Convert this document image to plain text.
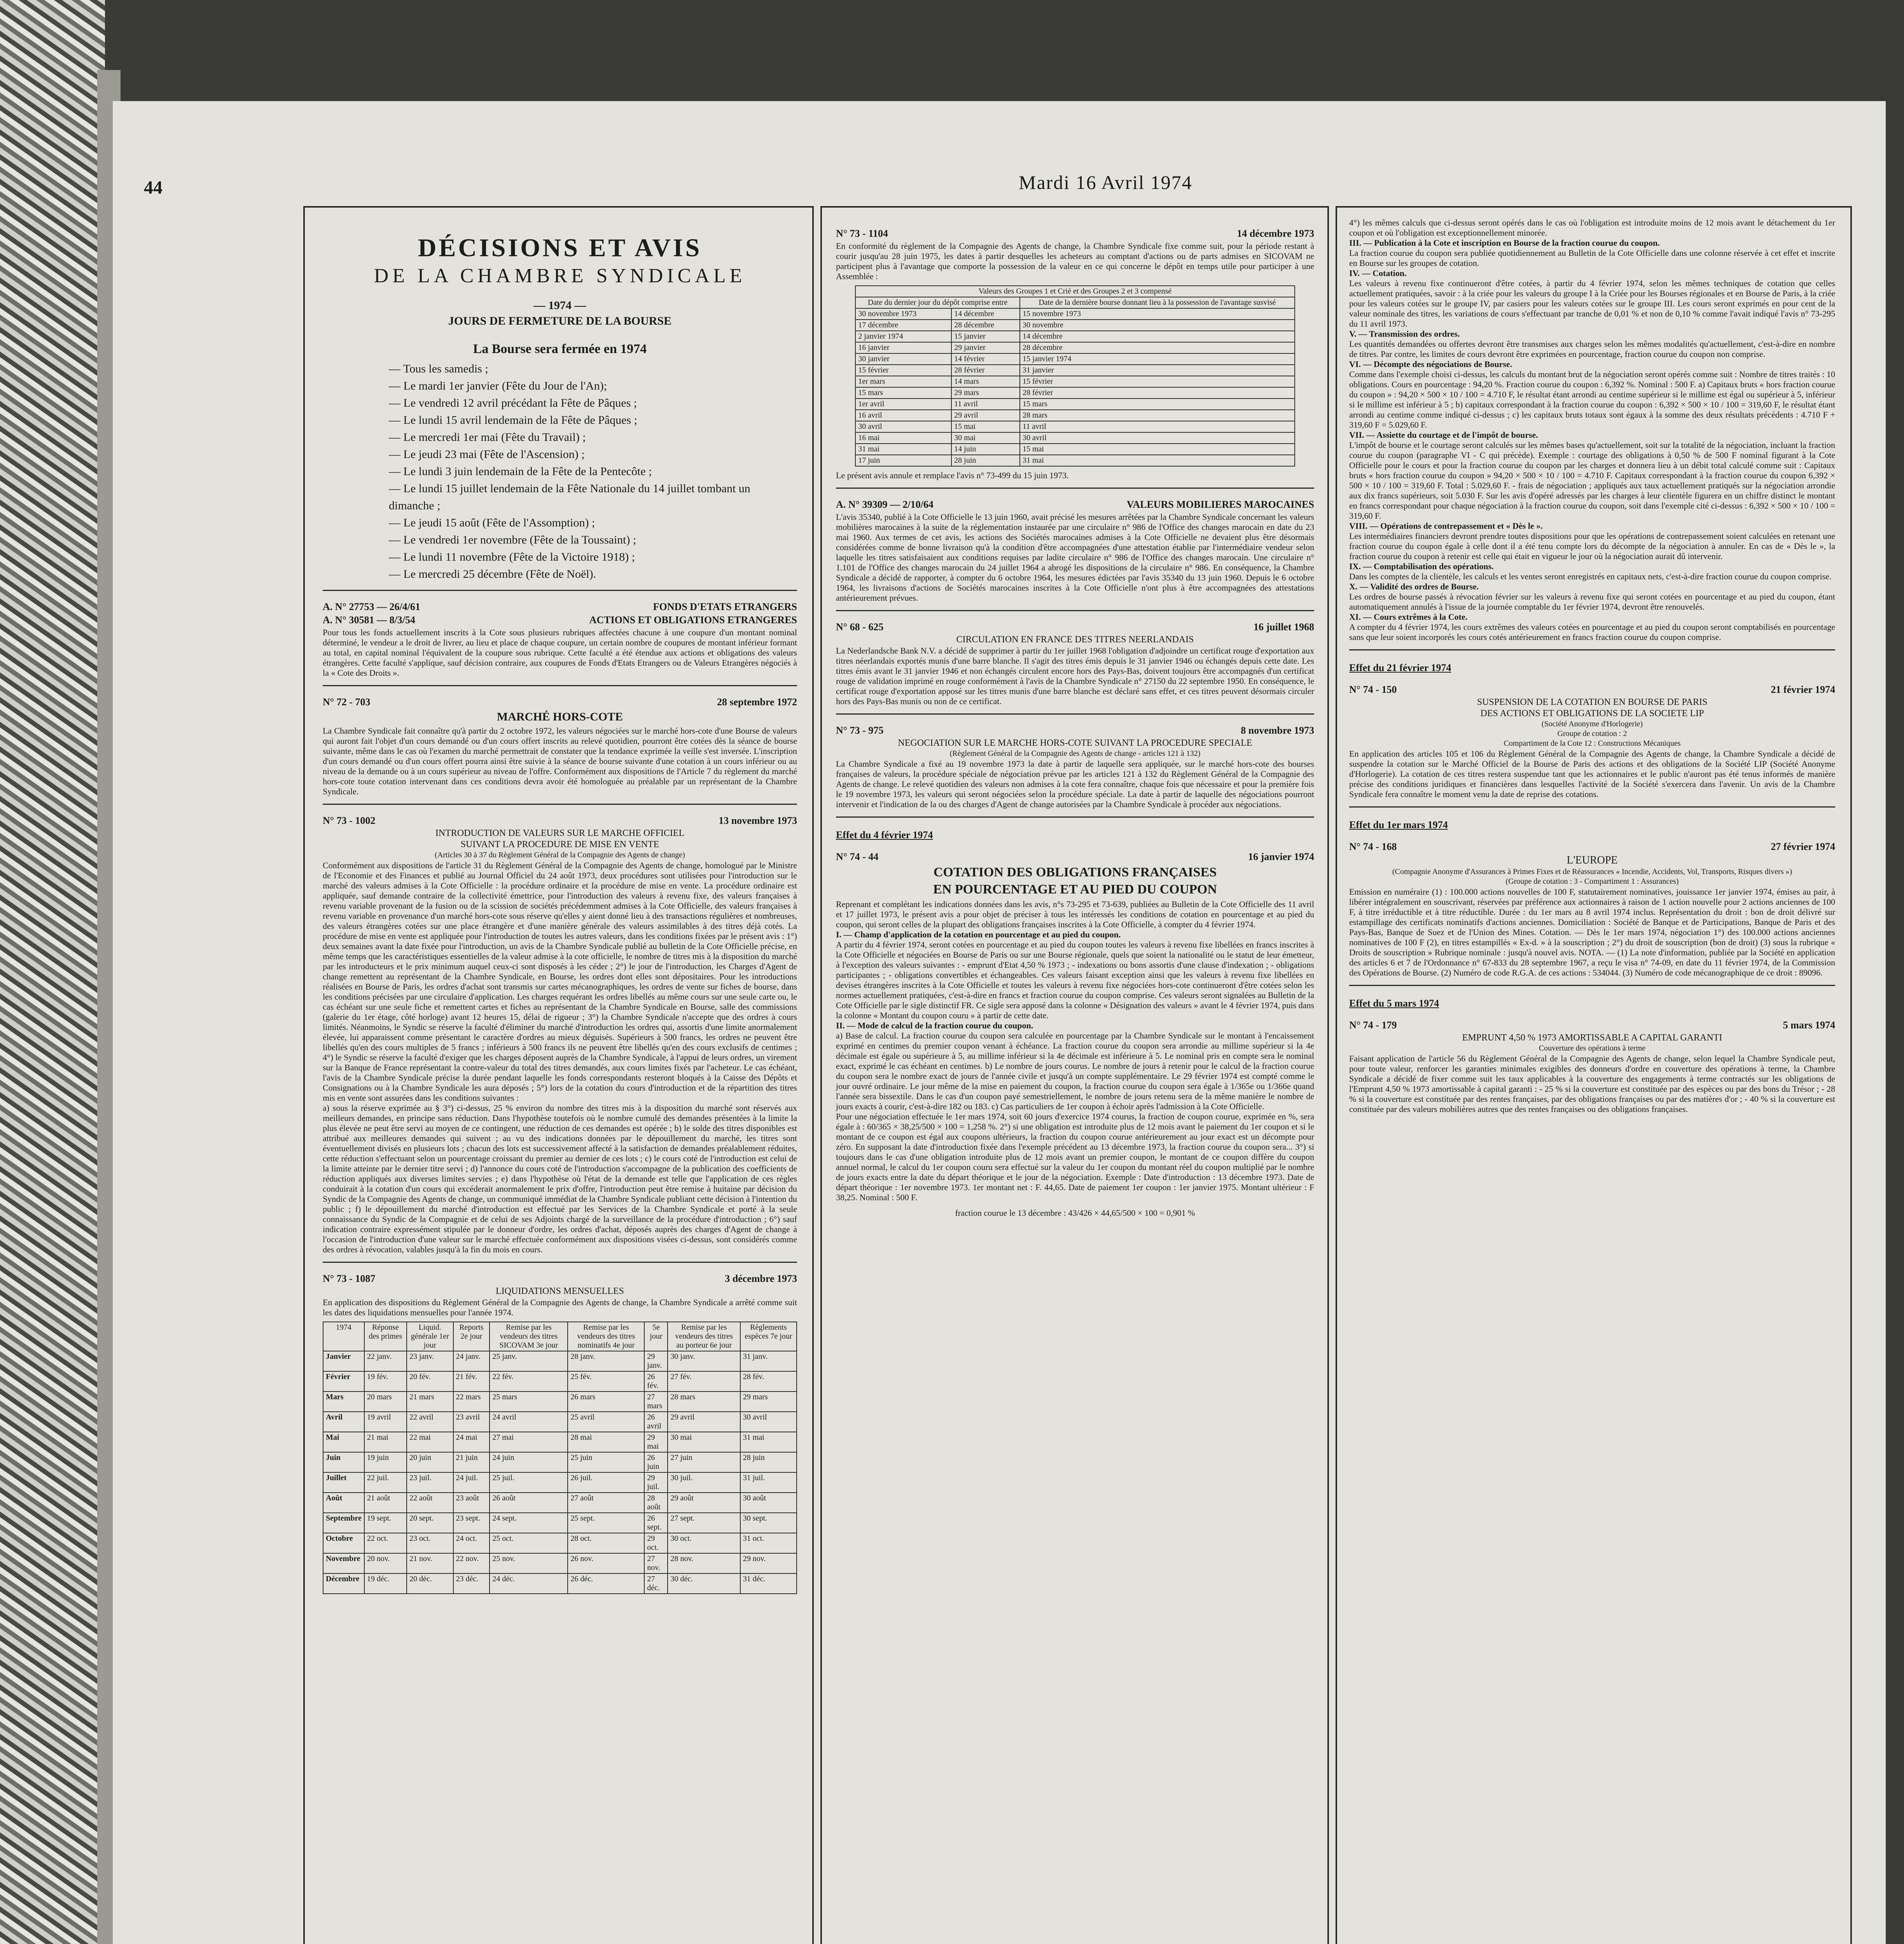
44	Mardi 16 Avril 1974

DÉCISIONS ET AVIS

DE LA CHAMBRE SYNDICALE

— 1974 —

JOURS DE FERMETURE DE LA BOURSE

La Bourse sera fermée en 1974

— Tous les samedis ;
— Le mardi 1er janvier (Fête du Jour de l'An);
— Le vendredi 12 avril précédant la Fête de Pâques ;
— Le lundi 15 avril lendemain de la Fête de Pâques ;
— Le mercredi 1er mai (Fête du Travail) ;
— Le jeudi 23 mai (Fête de l'Ascension) ;
— Le lundi 3 juin lendemain de la Fête de la Pentecôte ;
— Le lundi 15 juillet lendemain de la Fête Nationale du 14 juillet tombant un dimanche ;
— Le jeudi 15 août (Fête de l'Assomption) ;
— Le vendredi 1er novembre (Fête de la Toussaint) ;
— Le lundi 11 novembre (Fête de la Victoire 1918) ;
— Le mercredi 25 décembre (Fête de Noël).
A. N° 27753 — 26/4/61	FONDS D'ETATS ETRANGERS
A. N° 30581 — 8/3/54	ACTIONS ET OBLIGATIONS ETRANGERES

Pour tous les fonds actuellement inscrits à la Cote sous plusieurs rubriques affectées chacune à une coupure d'un montant nominal déterminé, le vendeur a le droit de livrer, au lieu et place de chaque coupure, un certain nombre de coupures de montant inférieur formant au total, en capital nominal l'équivalent de la coupure sous rubrique. Cette faculté a été étendue aux actions et obligations des valeurs étrangères. Cette faculté s'applique, sauf décision contraire, aux coupures de Fonds d'Etats Etrangers ou de Valeurs Etrangères négociés à la « Cote des Droits ».

N° 72 - 703	28 septembre 1972

MARCHÉ HORS-COTE

La Chambre Syndicale fait connaître qu'à partir du 2 octobre 1972, les valeurs négociées sur le marché hors-cote d'une Bourse de valeurs qui auront fait l'objet d'un cours demandé ou d'un cours offert inscrits au relevé quotidien, pourront être cotées dès la séance de bourse suivante, même dans le cas où l'examen du marché permettrait de constater que la tendance exprimée la veille s'est inversée. L'inscription d'un cours demandé ou d'un cours offert pourra ainsi être suivie à la séance de bourse suivante d'une cotation à un cours inférieur ou au niveau de la demande ou à un cours supérieur au niveau de l'offre. Conformément aux dispositions de l'Article 7 du règlement du marché hors-cote toute cotation intervenant dans ces conditions devra avoir été homologuée au préalable par un représentant de la Chambre Syndicale.

N° 73 - 1002	13 novembre 1973

INTRODUCTION DE VALEURS SUR LE MARCHE OFFICIEL

SUIVANT LA PROCEDURE DE MISE EN VENTE

(Articles 30 à 37 du Règlement Général de la Compagnie des Agents de change)

Conformément aux dispositions de l'article 31 du Règlement Général de la Compagnie des Agents de change, homologué par le Ministre de l'Economie et des Finances et publié au Journal Officiel du 24 août 1973, deux procédures sont utilisées pour l'introduction sur le marché des valeurs admises à la Cote Officielle : la procédure ordinaire et la procédure de mise en vente. La procédure ordinaire est appliquée, sauf demande contraire de la collectivité émettrice, pour l'introduction des valeurs à revenu fixe, des valeurs françaises à revenu variable provenant de la fusion ou de la scission de sociétés précédemment admises à la Cote Officielle, des valeurs françaises à revenu variable en provenance d'un marché hors-cote sous réserve qu'elles y aient donné lieu à des transactions régulières et nombreuses, des valeurs étrangères cotées sur une place étrangère et d'une manière générale des valeurs assimilables à des titres déjà cotés. La procédure de mise en vente est appliquée pour l'introduction de toutes les autres valeurs, dans les conditions fixées par le présent avis : 1°) deux semaines avant la date fixée pour l'introduction, un avis de la Chambre Syndicale publié au bulletin de la Cote Officielle précise, en même temps que les caractéristiques essentielles de la valeur admise à la cote officielle, le nombre de titres mis à la disposition du marché par les introducteurs et le prix minimum auquel ceux-ci sont disposés à les céder ; 2°) le jour de l'introduction, les Charges d'Agent de change remettent au représentant de la Chambre Syndicale, en Bourse, les ordres dont elles sont dépositaires. Pour les introductions réalisées en Bourse de Paris, les ordres d'achat sont transmis sur cartes mécanographiques, les ordres de vente sur fiches de bourse, dans les conditions précisées par une circulaire d'application. Les charges requérant les ordres libellés au même cours sur une seule carte ou, le cas échéant sur une seule fiche et remettent cartes et fiches au représentant de la Chambre Syndicale en Bourse, salle des commissions (galerie du 1er étage, côté horloge) avant 12 heures 15, délai de rigueur ; 3°) la Chambre Syndicale n'accepte que des ordres à cours limités. Néanmoins, le Syndic se réserve la faculté d'éliminer du marché d'introduction les ordres qui, assortis d'une limite anormalement élevée, lui apparaissent comme présentant le caractère d'ordres au mieux déguisés. Supérieurs à 500 francs, les ordres ne peuvent être libellés qu'en des cours multiples de 5 francs ; inférieurs à 500 francs ils ne peuvent être libellés qu'en des cours exclusifs de centimes ; 4°) le Syndic se réserve la faculté d'exiger que les charges déposent auprès de la Chambre Syndicale, à l'appui de leurs ordres, un virement sur la Banque de France représentant la contre-valeur du total des titres demandés, aux cours limites fixés par l'acheteur. Le cas échéant, l'avis de la Chambre Syndicale précise la durée pendant laquelle les fonds correspondants resteront bloqués à la Caisse des Dépôts et Consignations ou à la Chambre Syndicale les aura déposés ; 5°) lors de la cotation du cours d'introduction et de la répartition des titres mis en vente sont assurées dans les conditions suivantes :

a) sous la réserve exprimée au § 3°) ci-dessus, 25 % environ du nombre des titres mis à la disposition du marché sont réservés aux meilleurs demandes, en principe sans réduction. Dans l'hypothèse toutefois où le nombre cumulé des demandes présentées à la limite la plus élevée ne peut être servi au moyen de ce contingent, une réduction de ces demandes est opérée ; b) le solde des titres disponibles est attribué aux meilleures demandes qui suivent ; au vu des indications données par le dépouillement du marché, les titres sont éventuellement divisés en plusieurs lots ; chacun des lots est successivement affecté à la satisfaction de demandes préalablement réduites, cette réduction s'effectuant selon un pourcentage croissant du premier au dernier de ces lots ; c) le cours coté de l'introduction est celui de la limite atteinte par le dernier titre servi ; d) l'annonce du cours coté de l'introduction s'accompagne de la publication des coefficients de réduction appliqués aux diverses limites servies ; e) dans l'hypothèse où l'état de la demande est telle que l'application de ces règles conduirait à la cotation d'un cours qui excéderait anormalement le prix d'offre, l'introduction peut être remise à huitaine par décision du Syndic de la Compagnie des Agents de change, un communiqué immédiat de la Chambre Syndicale publiant cette décision à l'intention du public ; f) le dépouillement du marché d'introduction est effectué par les Services de la Chambre Syndicale et porté à la seule connaissance du Syndic de la Compagnie et de celui de ses Adjoints chargé de la surveillance de la procédure d'introduction ; 6°) sauf indication contraire expressément stipulée par le donneur d'ordre, les ordres d'achat, déposés auprès des charges d'Agent de change à l'occasion de l'introduction d'une valeur sur le marché effectuée conformément aux dispositions visées ci-dessus, sont considérés comme des ordres à révocation, valables jusqu'à la fin du mois en cours.

N° 73 - 1087	3 décembre 1973

LIQUIDATIONS MENSUELLES

En application des dispositions du Règlement Général de la Compagnie des Agents de change, la Chambre Syndicale a arrêté comme suit les dates des liquidations mensuelles pour l'année 1974.

1974	Réponse des primes	Liquid. générale 1er jour	Reports 2e jour	Remise par les vendeurs des titres SICOVAM 3e jour	Remise par les vendeurs des titres nominatifs 4e jour	5e jour	Remise par les vendeurs des titres au porteur 6e jour	Règlements espèces 7e jour
Janvier	22 janv.	23 janv.	24 janv.	25 janv.	28 janv.	29 janv.	30 janv.	31 janv.
Février	19 fév.	20 fév.	21 fév.	22 fév.	25 fév.	26 fév.	27 fév.	28 fév.
Mars	20 mars	21 mars	22 mars	25 mars	26 mars	27 mars	28 mars	29 mars
Avril	19 avril	22 avril	23 avril	24 avril	25 avril	26 avril	29 avril	30 avril
Mai	21 mai	22 mai	24 mai	27 mai	28 mai	29 mai	30 mai	31 mai
Juin	19 juin	20 juin	21 juin	24 juin	25 juin	26 juin	27 juin	28 juin
Juillet	22 juil.	23 juil.	24 juil.	25 juil.	26 juil.	29 juil.	30 juil.	31 juil.
Août	21 août	22 août	23 août	26 août	27 août	28 août	29 août	30 août
Septembre	19 sept.	20 sept.	23 sept.	24 sept.	25 sept.	26 sept.	27 sept.	30 sept.
Octobre	22 oct.	23 oct.	24 oct.	25 oct.	28 oct.	29 oct.	30 oct.	31 oct.
Novembre	20 nov.	21 nov.	22 nov.	25 nov.	26 nov.	27 nov.	28 nov.	29 nov.
Décembre	19 déc.	20 déc.	23 déc.	24 déc.	26 déc.	27 déc.	30 déc.	31 déc.
N° 73 - 1104	14 décembre 1973

En conformité du règlement de la Compagnie des Agents de change, la Chambre Syndicale fixe comme suit, pour la période restant à courir jusqu'au 28 juin 1975, les dates à partir desquelles les acheteurs au comptant d'actions ou de parts admises en SICOVAM ne participent plus à l'avantage que comporte la possession de la valeur en ce qui concerne le dépôt en temps utile pour participer à une Assemblée :

Valeurs des Groupes 1 et Crié et des Groupes 2 et 3 compensé		
Date du dernier jour du dépôt comprise entre		Date de la dernière bourse donnant lieu à la possession de l'avantage susvisé
30 novembre 1973	14 décembre	15 novembre 1973
17 décembre	28 décembre	30 novembre
2 janvier 1974	15 janvier	14 décembre
16 janvier	29 janvier	28 décembre
30 janvier	14 février	15 janvier 1974
15 février	28 février	31 janvier
1er mars	14 mars	15 février
15 mars	29 mars	28 février
1er avril	11 avril	15 mars
16 avril	29 avril	28 mars
30 avril	15 mai	11 avril
16 mai	30 mai	30 avril
31 mai	14 juin	15 mai
17 juin	28 juin	31 mai

Le présent avis annule et remplace l'avis n° 73-499 du 15 juin 1973.

A. N° 39309 — 2/10/64	VALEURS MOBILIERES MAROCAINES

L'avis 35340, publié à la Cote Officielle le 13 juin 1960, avait précisé les mesures arrêtées par la Chambre Syndicale concernant les valeurs mobilières marocaines à la suite de la réglementation instaurée par une circulaire n° 986 de l'Office des changes marocain en date du 23 mai 1960. Aux termes de cet avis, les actions des Sociétés marocaines admises à la Cote Officielle ne devaient plus être désormais considérées comme de bonne livraison qu'à la condition d'être accompagnées d'une attestation établie par l'intermédiaire vendeur selon laquelle les titres satisfaisaient aux conditions requises par ladite circulaire n° 986 de l'Office des changes marocain. Une circulaire n° 1.101 de l'Office des changes marocain du 24 juillet 1964 a abrogé les dispositions de la circulaire n° 986. En conséquence, la Chambre Syndicale a décidé de rapporter, à compter du 6 octobre 1964, les mesures édictées par l'avis 35340 du 13 juin 1960. Depuis le 6 octobre 1964, les livraisons d'actions de Sociétés marocaines inscrites à la Cote Officielle n'ont plus à être accompagnées des attestations antérieurement prévues.

N° 68 - 625	16 juillet 1968

CIRCULATION EN FRANCE DES TITRES NEERLANDAIS

La Nederlandsche Bank N.V. a décidé de supprimer à partir du 1er juillet 1968 l'obligation d'adjoindre un certificat rouge d'exportation aux titres néerlandais exportés munis d'une barre blanche. Il s'agit des titres émis depuis le 31 janvier 1946 ou échangés depuis cette date. Les titres émis avant le 31 janvier 1946 et non échangés circulent encore hors des Pays-Bas, doivent toujours être accompagnés d'un certificat rouge de validation imprimé en rouge conformément à l'avis de la Chambre Syndicale n° 27150 du 22 septembre 1950. En conséquence, le certificat rouge d'exportation apposé sur les titres munis d'une barre blanche est déclaré sans effet, et ces titres peuvent désormais circuler hors des Pays-Bas munis ou non de ce certificat.

N° 73 - 975	8 novembre 1973

NEGOCIATION SUR LE MARCHE HORS-COTE SUIVANT LA PROCEDURE SPECIALE

(Règlement Général de la Compagnie des Agents de change - articles 121 à 132)

La Chambre Syndicale a fixé au 19 novembre 1973 la date à partir de laquelle sera appliquée, sur le marché hors-cote des bourses françaises de valeurs, la procédure spéciale de négociation prévue par les articles 121 à 132 du Règlement Général de la Compagnie des Agents de change. Le relevé quotidien des valeurs non admises à la cote fera connaître, chaque fois que nécessaire et pour la première fois le 19 novembre 1973, les valeurs qui seront négociées selon la procédure spéciale. La date à partir de laquelle des négociations pourront intervenir et l'indication de la ou des charges d'Agent de change autorisées par la Chambre Syndicale à procéder aux négociations.

Effet du 4 février 1974

N° 74 - 44	16 janvier 1974

COTATION DES OBLIGATIONS FRANÇAISES

EN POURCENTAGE ET AU PIED DU COUPON

Reprenant et complétant les indications données dans les avis, n°s 73-295 et 73-639, publiées au Bulletin de la Cote Officielle des 11 avril et 17 juillet 1973, le présent avis a pour objet de préciser à tous les intéressés les conditions de cotation en pourcentage et au pied du coupon, qui seront celles de la plupart des obligations françaises inscrites à la Cote Officielle, à compter du 4 février 1974.

I. — Champ d'application de la cotation en pourcentage et au pied du coupon.

A partir du 4 février 1974, seront cotées en pourcentage et au pied du coupon toutes les valeurs à revenu fixe libellées en francs inscrites à la Cote Officielle et négociées en Bourse de Paris ou sur une Bourse régionale, quels que soient la nationalité ou le statut de leur émetteur, à l'exception des valeurs suivantes : - emprunt d'Etat 4,50 % 1973 ; - indexations ou bons assortis d'une clause d'indexation ; - obligations participantes ; - obligations convertibles et échangeables. Ces valeurs faisant exception ainsi que les valeurs à revenu fixe libellées en devises étrangères inscrites à la Cote Officielle et toutes les valeurs à revenu fixe négociées hors-cote continueront d'être cotées selon les normes actuellement pratiquées, c'est-à-dire en francs et fraction courue du coupon comprise. Ces valeurs seront signalées au Bulletin de la Cote Officielle par le sigle distinctif FR. Ce sigle sera apposé dans la colonne « Désignation des valeurs » avant le 4 février 1974, puis dans la colonne « Montant du coupon couru » à partir de cette date.

II. — Mode de calcul de la fraction courue du coupon.

a) Base de calcul. La fraction courue du coupon sera calculée en pourcentage par la Chambre Syndicale sur le montant à l'encaissement exprimé en centimes du premier coupon venant à échéance. La fraction courue du coupon sera arrondie au millime supérieur si la 4e décimale est égale ou supérieure à 5, au millime inférieur si la 4e décimale est inférieure à 5. Le nominal pris en compte sera le nominal exact, exprimé le cas échéant en centimes. b) Le nombre de jours courus. Le nombre de jours à retenir pour le calcul de la fraction courue du coupon sera le nombre exact de jours de l'année civile et jusqu'à un compte supplémentaire. Le 29 février 1974 est compté comme le jour ouvré ordinaire. Le jour même de la mise en paiement du coupon, la fraction courue du coupon sera égale à 1/365e ou 1/366e quand l'année sera bissextile. Dans le cas d'un coupon payé semestriellement, le nombre de jours retenu sera de la même manière le nombre de jours exacts à courir, c'est-à-dire 182 ou 183. c) Cas particuliers de 1er coupon à échoir après l'admission à la Cote Officielle.

Pour une négociation effectuée le 1er mars 1974, soit 60 jours d'exercice 1974 courus, la fraction de coupon courue, exprimée en %, sera égale à : 60/365 × 38,25/500 × 100 = 1,258 %. 2°) si une obligation est introduite plus de 12 mois avant le paiement du 1er coupon et si le montant de ce coupon est égal aux coupons ultérieurs, la fraction du coupon courue antérieurement au jour exact est un décompte pour zéro. En supposant la date d'introduction fixée dans l'exemple précédent au 13 décembre 1973, la fraction courue du coupon sera... 3°) si toujours dans le cas d'une obligation introduite plus de 12 mois avant un premier coupon, le montant de ce coupon diffère du coupon annuel normal, le calcul du 1er coupon couru sera effectué sur la valeur du 1er coupon du montant réel du coupon multiplié par le nombre de jours exacts entre la date du départ théorique et le jour de la négociation. Exemple : Date d'introduction : 13 décembre 1973. Date de départ théorique : 1er novembre 1973. 1er montant net : F. 44,65. Date de paiement 1er coupon : 1er janvier 1975. Montant ultérieur : F 38,25. Nominal : 500 F.

fraction courue le 13 décembre : 43/426 × 44,65/500 × 100 = 0,901 %

4°) les mêmes calculs que ci-dessus seront opérés dans le cas où l'obligation est introduite moins de 12 mois avant le détachement du 1er coupon et où l'obligation est exceptionnellement minorée.

III. — Publication à la Cote et inscription en Bourse de la fraction courue du coupon.

La fraction courue du coupon sera publiée quotidiennement au Bulletin de la Cote Officielle dans une colonne réservée à cet effet et inscrite en Bourse sur les groupes de cotation.

IV. — Cotation.

Les valeurs à revenu fixe continueront d'être cotées, à partir du 4 février 1974, selon les mêmes techniques de cotation que celles actuellement pratiquées, savoir : à la criée pour les valeurs du groupe I à la Criée pour les Bourses régionales et en Bourse de Paris, à la criée pour les valeurs cotées sur le groupe IV, par casiers pour les valeurs cotées sur le groupe III. Les cours seront exprimés en pour cent de la valeur nominale des titres, les variations de cours s'effectuant par tranche de 0,01 % et non de 0,10 % comme l'avait indiqué l'avis n° 73-295 du 11 avril 1973.

V. — Transmission des ordres.

Les quantités demandées ou offertes devront être transmises aux charges selon les mêmes modalités qu'actuellement, c'est-à-dire en nombre de titres. Par contre, les limites de cours devront être exprimées en pourcentage, fraction courue du coupon non comprise.

VI. — Décompte des négociations de Bourse.

Comme dans l'exemple choisi ci-dessus, les calculs du montant brut de la négociation seront opérés comme suit : Nombre de titres traités : 10 obligations. Cours en pourcentage : 94,20 %. Fraction courue du coupon : 6,392 %. Nominal : 500 F. a) Capitaux bruts « hors fraction courue du coupon » : 94,20 × 500 × 10 / 100 = 4.710 F, le résultat étant arrondi au centime supérieur si le millime est égal ou supérieur à 5, inférieur si le millime est inférieur à 5 ; b) capitaux correspondant à la fraction courue du coupon : 6,392 × 500 × 10 / 100 = 319,60 F, le résultat étant arrondi au centime comme indiqué ci-dessus ; c) les capitaux bruts totaux sont égaux à la somme des deux résultats précédents : 4.710 F + 319,60 F = 5.029,60 F.

VII. — Assiette du courtage et de l'impôt de bourse.

L'impôt de bourse et le courtage seront calculés sur les mêmes bases qu'actuellement, soit sur la totalité de la négociation, incluant la fraction courue du coupon (paragraphe VI - C qui précède). Exemple : courtage des obligations à 0,50 % de 500 F nominal figurant à la Cote Officielle pour le cours et pour la fraction courue du coupon par les charges et donnera lieu à un débit total calculé comme suit : Capitaux bruts « hors fraction courue du coupon » 94,20 × 500 × 10 / 100 = 4.710 F. Capitaux correspondant à la fraction courue du coupon 6,392 × 500 × 10 / 100 = 319,60 F. Total : 5.029,60 F. - frais de négociation ; appliqués aux taux actuellement pratiqués sur la négociation arrondie aux dix francs supérieurs, soit 5.030 F. Sur les avis d'opéré adressés par les charges à leur clientèle figurera en un chiffre distinct le montant en francs correspondant pour chaque négociation à la fraction courue du coupon, soit dans l'exemple cité ci-dessus : 6,392 × 500 × 10 / 100 = 319,60 F.

VIII. — Opérations de contrepassement et « Dès le ».

Les intermédiaires financiers devront prendre toutes dispositions pour que les opérations de contrepassement soient calculées en retenant une fraction courue du coupon égale à celle dont il a été tenu compte lors du décompte de la négociation à annuler. En cas de « Dès le », la fraction courue du coupon à retenir est celle qui était en vigueur le jour où la négociation aurait dû intervenir.

IX. — Comptabilisation des opérations.

Dans les comptes de la clientèle, les calculs et les ventes seront enregistrés en capitaux nets, c'est-à-dire fraction courue du coupon comprise.

X. — Validité des ordres de Bourse.

Les ordres de bourse passés à révocation février sur les valeurs à revenu fixe qui seront cotées en pourcentage et au pied du coupon, étant automatiquement annulés à l'issue de la journée comptable du 1er février 1974, devront être renouvelés.

XI. — Cours extrêmes à la Cote.

A compter du 4 février 1974, les cours extrêmes des valeurs cotées en pourcentage et au pied du coupon seront comptabilisés en pourcentage sans que leur soient incorporés les cours cotés antérieurement en francs fraction courue du coupon comprise.

Effet du 21 février 1974

N° 74 - 150	21 février 1974

SUSPENSION DE LA COTATION EN BOURSE DE PARIS

DES ACTIONS ET OBLIGATIONS DE LA SOCIETE LIP

(Société Anonyme d'Horlogerie)

Groupe de cotation : 2

Compartiment de la Cote 12 : Constructions Mécaniques

En application des articles 105 et 106 du Règlement Général de la Compagnie des Agents de change, la Chambre Syndicale a décidé de suspendre la cotation sur le Marché Officiel de la Bourse de Paris des actions et des obligations de la Société LIP (Société Anonyme d'Horlogerie). La cotation de ces titres restera suspendue tant que les actionnaires et le public n'auront pas été tenus informés de manière précise des conditions juridiques et financières dans lesquelles l'activité de la Société s'exercera dans l'avenir. Un avis de la Chambre Syndicale fera connaître le moment venu la date de reprise des cotations.

Effet du 1er mars 1974

N° 74 - 168	27 février 1974

L'EUROPE

(Compagnie Anonyme d'Assurances à Primes Fixes et de Réassurances « Incendie, Accidents, Vol, Transports, Risques divers »)

(Groupe de cotation : 3 - Compartiment 1 : Assurances)

Emission en numéraire (1) : 100.000 actions nouvelles de 100 F, statutairement nominatives, jouissance 1er janvier 1974, émises au pair, à libérer intégralement en souscrivant, réservées par préférence aux actionnaires à raison de 1 action nouvelle pour 2 actions anciennes de 100 F, à titre irréductible et à titre réductible. Durée : du 1er mars au 8 avril 1974 inclus. Représentation du droit : bon de droit délivré sur estampillage des certificats nominatifs d'actions anciennes. Domiciliation : Société de Banque et de Participations, Banque de Paris et des Pays-Bas, Banque de Suez et de l'Union des Mines. Cotation. — Dès le 1er mars 1974, négociation 1°) des 100.000 actions anciennes nominatives de 100 F (2), en titres estampillés « Ex-d. » à la souscription ; 2°) du droit de souscription (bon de droit) (3) sous la rubrique « Droits de souscription » Rubrique nominale : jusqu'à nouvel avis. NOTA. — (1) La note d'information, publiée par la Société en application des articles 6 et 7 de l'Ordonnance n° 67-833 du 28 septembre 1967, a reçu le visa n° 74-09, en date du 11 février 1974, de la Commission des Opérations de Bourse. (2) Numéro de code R.G.A. de ces actions : 534044. (3) Numéro de code mécanographique de ce droit : 89096.

Effet du 5 mars 1974

N° 74 - 179	5 mars 1974

EMPRUNT 4,50 % 1973 AMORTISSABLE A CAPITAL GARANTI

Couverture des opérations à terme

Faisant application de l'article 56 du Règlement Général de la Compagnie des Agents de change, selon lequel la Chambre Syndicale peut, pour toute valeur, renforcer les garanties minimales exigibles des donneurs d'ordre en couverture des opérations à terme, la Chambre Syndicale a décidé de fixer comme suit les taux applicables à la couverture des engagements à terme contractés sur les obligations de l'Emprunt 4,50 % 1973 amortissable à capital garanti : - 25 % si la couverture est constituée par des espèces ou par des bons du Trésor ; - 28 % si la couverture est constituée par des rentes françaises, par des obligations françaises ou par des matières d'or ; - 40 % si la couverture est constituée par des valeurs mobilières autres que des rentes françaises ou des obligations françaises.
